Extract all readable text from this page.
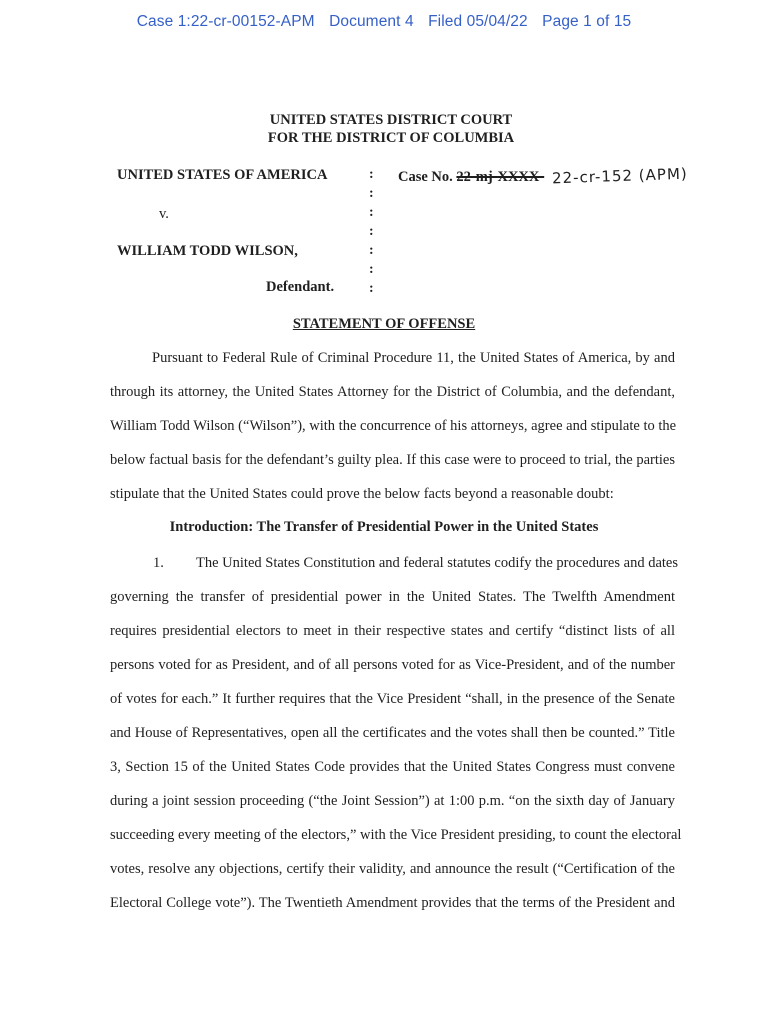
Case 1:22-cr-00152-APM Document 4 Filed 05/04/22 Page 1 of 15
UNITED STATES DISTRICT COURT
FOR THE DISTRICT OF COLUMBIA
UNITED STATES OF AMERICA
v.
WILLIAM TODD WILSON,
Defendant.
:
:
:
:
:
:
:
Case No. 22-mj-XXXX- 22-cr-152 (APM)
STATEMENT OF OFFENSE
Pursuant to Federal Rule of Criminal Procedure 11, the United States of America, by and
through its attorney, the United States Attorney for the District of Columbia, and the defendant,
William Todd Wilson (“Wilson”), with the concurrence of his attorneys, agree and stipulate to the
below factual basis for the defendant’s guilty plea. If this case were to proceed to trial, the parties
stipulate that the United States could prove the below facts beyond a reasonable doubt:
Introduction: The Transfer of Presidential Power in the United States
1. The United States Constitution and federal statutes codify the procedures and dates
governing the transfer of presidential power in the United States. The Twelfth Amendment
requires presidential electors to meet in their respective states and certify “distinct lists of all
persons voted for as President, and of all persons voted for as Vice-President, and of the number
of votes for each.” It further requires that the Vice President “shall, in the presence of the Senate
and House of Representatives, open all the certificates and the votes shall then be counted.” Title
3, Section 15 of the United States Code provides that the United States Congress must convene
during a joint session proceeding (“the Joint Session”) at 1:00 p.m. “on the sixth day of January
succeeding every meeting of the electors,” with the Vice President presiding, to count the electoral
votes, resolve any objections, certify their validity, and announce the result (“Certification of the
Electoral College vote”). The Twentieth Amendment provides that the terms of the President and
